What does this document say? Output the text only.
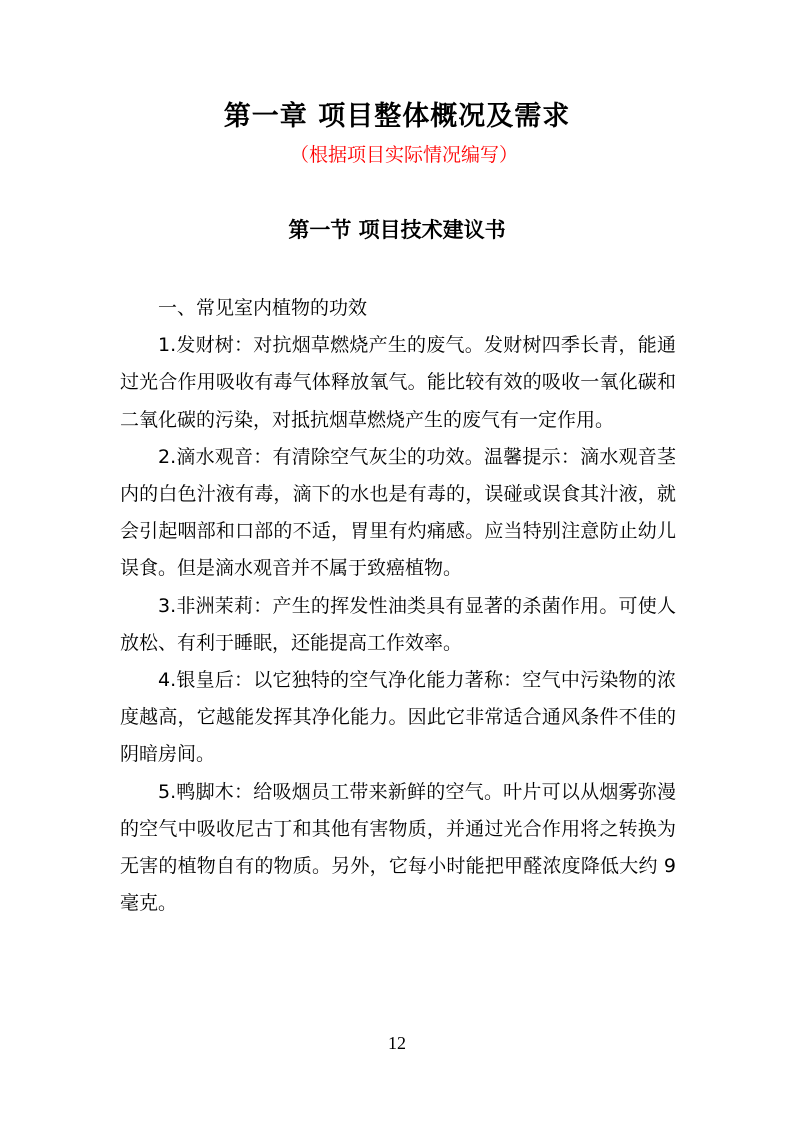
第一章 项目整体概况及需求
（根据项目实际情况编写）
第一节 项目技术建议书

一、常见室内植物的功效

1.发财树：对抗烟草燃烧产生的废气。发财树四季长青，能通过光合作用吸收有毒气体释放氧气。能比较有效的吸收一氧化碳和二氧化碳的污染，对抵抗烟草燃烧产生的废气有一定作用。

2.滴水观音：有清除空气灰尘的功效。温馨提示：滴水观音茎内的白色汁液有毒，滴下的水也是有毒的，误碰或误食其汁液，就会引起咽部和口部的不适，胃里有灼痛感。应当特别注意防止幼儿误食。但是滴水观音并不属于致癌植物。

3.非洲茉莉：产生的挥发性油类具有显著的杀菌作用。可使人放松、有利于睡眠，还能提高工作效率。

4.银皇后：以它独特的空气净化能力著称：空气中污染物的浓度越高，它越能发挥其净化能力。因此它非常适合通风条件不佳的阴暗房间。

5.鸭脚木：给吸烟员工带来新鲜的空气。叶片可以从烟雾弥漫的空气中吸收尼古丁和其他有害物质，并通过光合作用将之转换为无害的植物自有的物质。另外，它每小时能把甲醛浓度降低大约 9 毫克。

12
